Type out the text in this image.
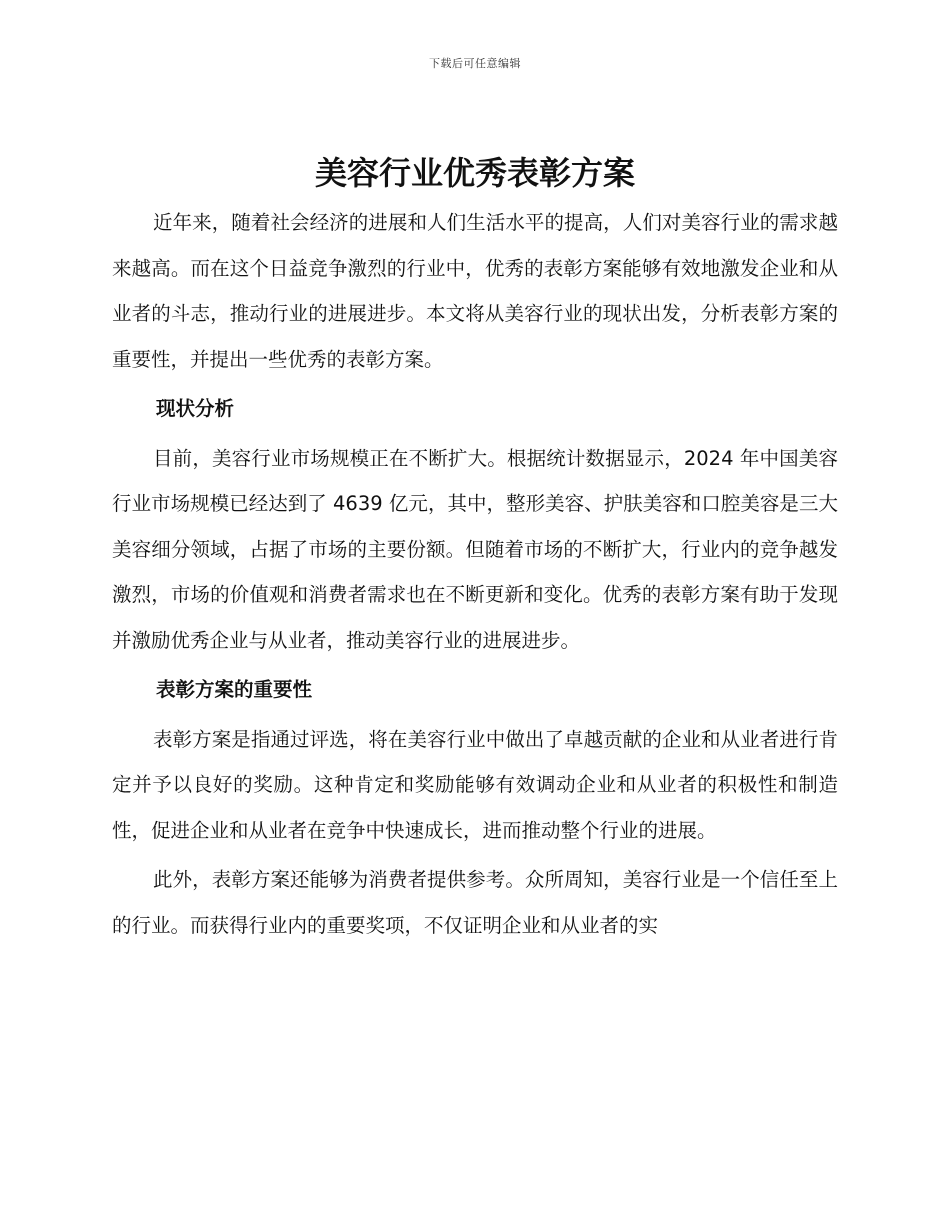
下载后可任意编辑
美容行业优秀表彰方案

近年来，随着社会经济的进展和人们生活水平的提高，人们对美容行业的需求越来越高。而在这个日益竞争激烈的行业中，优秀的表彰方案能够有效地激发企业和从业者的斗志，推动行业的进展进步。本文将从美容行业的现状出发，分析表彰方案的重要性，并提出一些优秀的表彰方案。

现状分析

目前，美容行业市场规模正在不断扩大。根据统计数据显示，2024 年中国美容行业市场规模已经达到了 4639 亿元，其中，整形美容、护肤美容和口腔美容是三大美容细分领域，占据了市场的主要份额。但随着市场的不断扩大，行业内的竞争越发激烈，市场的价值观和消费者需求也在不断更新和变化。优秀的表彰方案有助于发现并激励优秀企业与从业者，推动美容行业的进展进步。

表彰方案的重要性

表彰方案是指通过评选，将在美容行业中做出了卓越贡献的企业和从业者进行肯定并予以良好的奖励。这种肯定和奖励能够有效调动企业和从业者的积极性和制造性，促进企业和从业者在竞争中快速成长，进而推动整个行业的进展。

此外，表彰方案还能够为消费者提供参考。众所周知，美容行业是一个信任至上的行业。而获得行业内的重要奖项，不仅证明企业和从业者的实
